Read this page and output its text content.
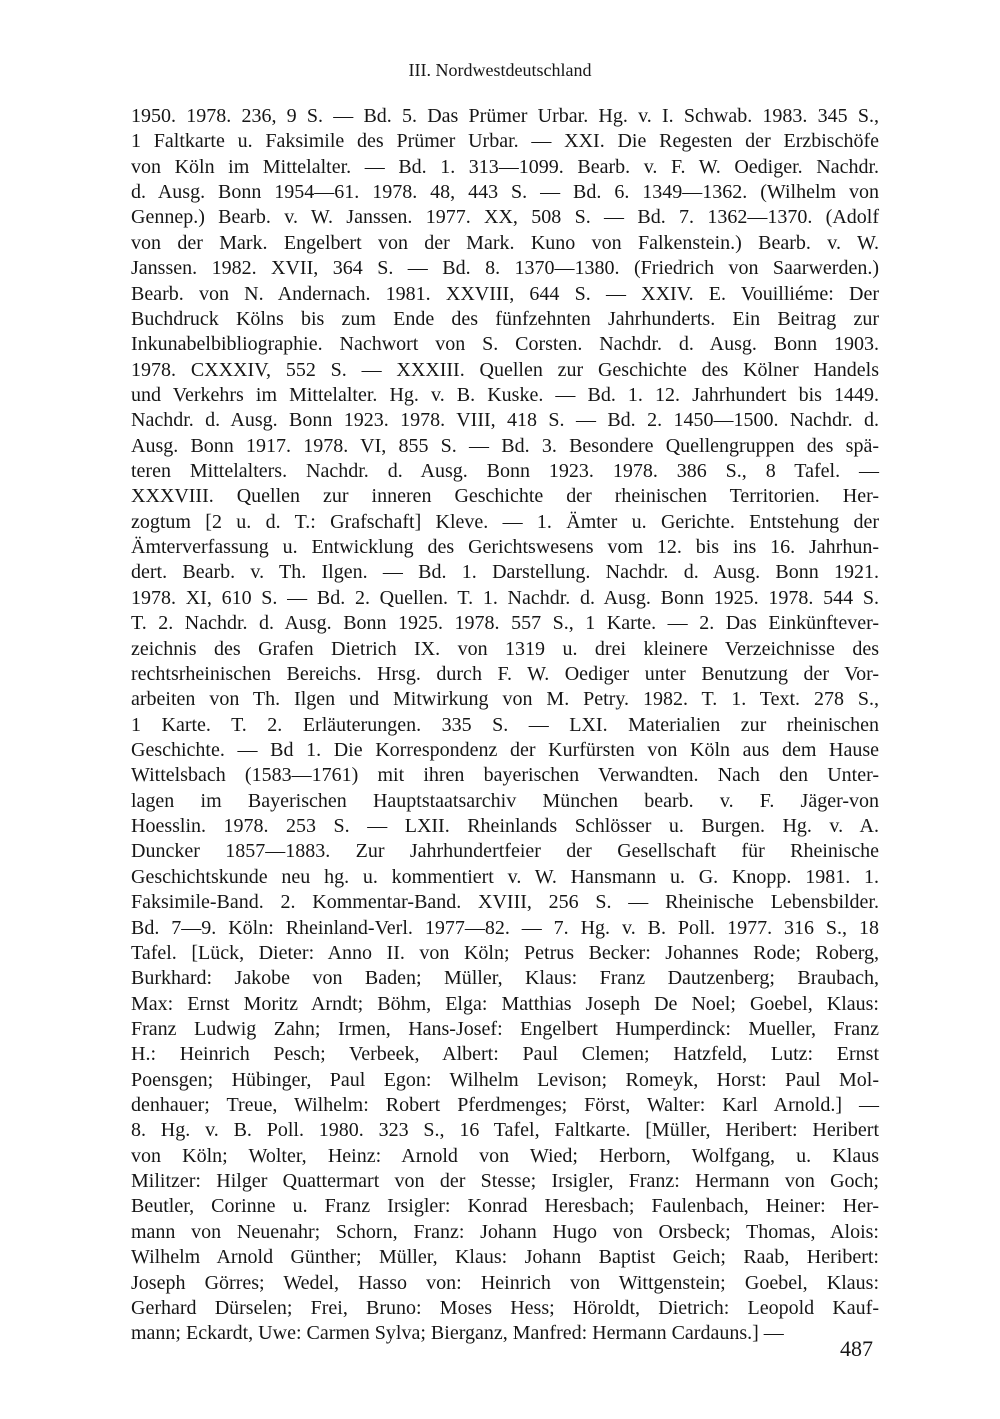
III. Nordwestdeutschland
1950. 1978. 236, 9 S. — Bd. 5. Das Prümer Urbar. Hg. v. I. Schwab. 1983. 345 S.,
1 Faltkarte u. Faksimile des Prümer Urbar. — XXI. Die Regesten der Erzbischöfe
von Köln im Mittelalter. — Bd. 1. 313—1099. Bearb. v. F. W. Oediger. Nachdr.
d. Ausg. Bonn 1954—61. 1978. 48, 443 S. — Bd. 6. 1349—1362. (Wilhelm von
Gennep.) Bearb. v. W. Janssen. 1977. XX, 508 S. — Bd. 7. 1362—1370. (Adolf
von der Mark. Engelbert von der Mark. Kuno von Falkenstein.) Bearb. v. W.
Janssen. 1982. XVII, 364 S. — Bd. 8. 1370—1380. (Friedrich von Saarwerden.)
Bearb. von N. Andernach. 1981. XXVIII, 644 S. — XXIV. E. Vouilliéme: Der
Buchdruck Kölns bis zum Ende des fünfzehnten Jahrhunderts. Ein Beitrag zur
Inkunabelbibliographie. Nachwort von S. Corsten. Nachdr. d. Ausg. Bonn 1903.
1978. CXXXIV, 552 S. — XXXIII. Quellen zur Geschichte des Kölner Handels
und Verkehrs im Mittelalter. Hg. v. B. Kuske. — Bd. 1. 12. Jahrhundert bis 1449.
Nachdr. d. Ausg. Bonn 1923. 1978. VIII, 418 S. — Bd. 2. 1450—1500. Nachdr. d.
Ausg. Bonn 1917. 1978. VI, 855 S. — Bd. 3. Besondere Quellengruppen des spä-
teren Mittelalters. Nachdr. d. Ausg. Bonn 1923. 1978. 386 S., 8 Tafel. —
XXXVIII. Quellen zur inneren Geschichte der rheinischen Territorien. Her-
zogtum [2 u. d. T.: Grafschaft] Kleve. — 1. Ämter u. Gerichte. Entstehung der
Ämterverfassung u. Entwicklung des Gerichtswesens vom 12. bis ins 16. Jahrhun-
dert. Bearb. v. Th. Ilgen. — Bd. 1. Darstellung. Nachdr. d. Ausg. Bonn 1921.
1978. XI, 610 S. — Bd. 2. Quellen. T. 1. Nachdr. d. Ausg. Bonn 1925. 1978. 544 S.
T. 2. Nachdr. d. Ausg. Bonn 1925. 1978. 557 S., 1 Karte. — 2. Das Einkünftever-
zeichnis des Grafen Dietrich IX. von 1319 u. drei kleinere Verzeichnisse des
rechtsrheinischen Bereichs. Hrsg. durch F. W. Oediger unter Benutzung der Vor-
arbeiten von Th. Ilgen und Mitwirkung von M. Petry. 1982. T. 1. Text. 278 S.,
1 Karte. T. 2. Erläuterungen. 335 S. — LXI. Materialien zur rheinischen
Geschichte. — Bd 1. Die Korrespondenz der Kurfürsten von Köln aus dem Hause
Wittelsbach (1583—1761) mit ihren bayerischen Verwandten. Nach den Unter-
lagen im Bayerischen Hauptstaatsarchiv München bearb. v. F. Jäger-von
Hoesslin. 1978. 253 S. — LXII. Rheinlands Schlösser u. Burgen. Hg. v. A.
Duncker 1857—1883. Zur Jahrhundertfeier der Gesellschaft für Rheinische
Geschichtskunde neu hg. u. kommentiert v. W. Hansmann u. G. Knopp. 1981. 1.
Faksimile-Band. 2. Kommentar-Band. XVIII, 256 S. — Rheinische Lebensbilder.
Bd. 7—9. Köln: Rheinland-Verl. 1977—82. — 7. Hg. v. B. Poll. 1977. 316 S., 18
Tafel. [Lück, Dieter: Anno II. von Köln; Petrus Becker: Johannes Rode; Roberg,
Burkhard: Jakobe von Baden; Müller, Klaus: Franz Dautzenberg; Braubach,
Max: Ernst Moritz Arndt; Böhm, Elga: Matthias Joseph De Noel; Goebel, Klaus:
Franz Ludwig Zahn; Irmen, Hans-Josef: Engelbert Humperdinck: Mueller, Franz
H.: Heinrich Pesch; Verbeek, Albert: Paul Clemen; Hatzfeld, Lutz: Ernst
Poensgen; Hübinger, Paul Egon: Wilhelm Levison; Romeyk, Horst: Paul Mol-
denhauer; Treue, Wilhelm: Robert Pferdmenges; Först, Walter: Karl Arnold.] —
8. Hg. v. B. Poll. 1980. 323 S., 16 Tafel, Faltkarte. [Müller, Heribert: Heribert
von Köln; Wolter, Heinz: Arnold von Wied; Herborn, Wolfgang, u. Klaus
Militzer: Hilger Quattermart von der Stesse; Irsigler, Franz: Hermann von Goch;
Beutler, Corinne u. Franz Irsigler: Konrad Heresbach; Faulenbach, Heiner: Her-
mann von Neuenahr; Schorn, Franz: Johann Hugo von Orsbeck; Thomas, Alois:
Wilhelm Arnold Günther; Müller, Klaus: Johann Baptist Geich; Raab, Heribert:
Joseph Görres; Wedel, Hasso von: Heinrich von Wittgenstein; Goebel, Klaus:
Gerhard Dürselen; Frei, Bruno: Moses Hess; Höroldt, Dietrich: Leopold Kauf-
mann; Eckardt, Uwe: Carmen Sylva; Bierganz, Manfred: Hermann Cardauns.] —
487
